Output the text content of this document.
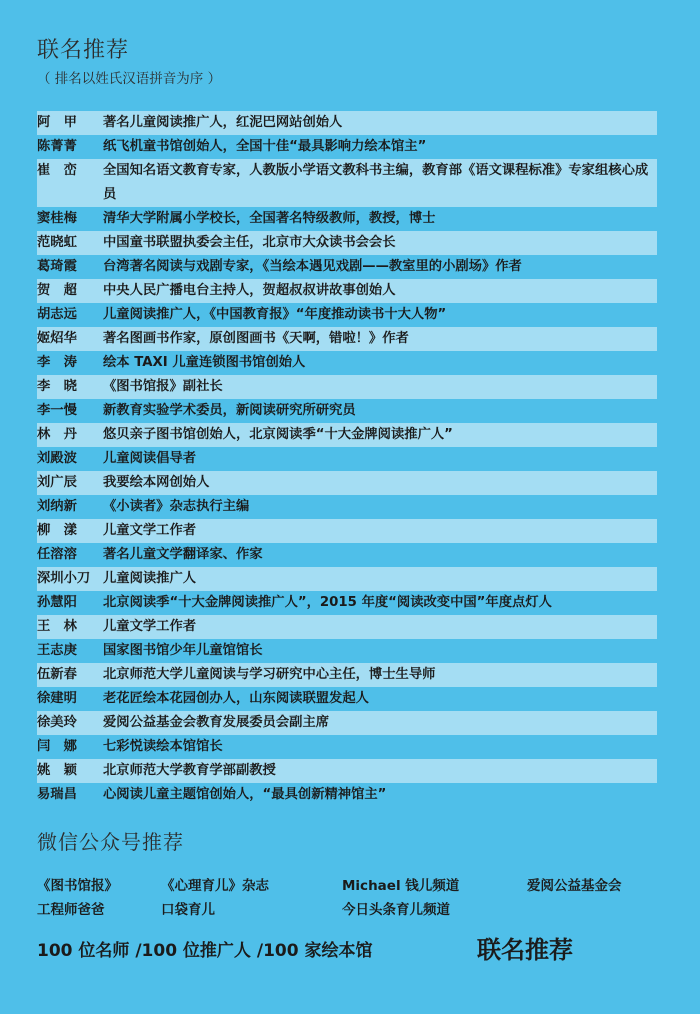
联名推荐
（ 排名以姓氏汉语拼音为序 ）
阿　甲	著名儿童阅读推广人，红泥巴网站创始人
陈菁菁	纸飞机童书馆创始人，全国十佳“最具影响力绘本馆主”
崔　峦	全国知名语文教育专家，人教版小学语文教科书主编，教育部《语文课程标准》专家组核心成员
窦桂梅	清华大学附属小学校长，全国著名特级教师，教授，博士
范晓虹	中国童书联盟执委会主任，北京市大众读书会会长
葛琦霞	台湾著名阅读与戏剧专家，《当绘本遇见戏剧——教室里的小剧场》作者
贺　超	中央人民广播电台主持人，贺超叔叔讲故事创始人
胡志远	儿童阅读推广人，《中国教育报》“年度推动读书十大人物”
姬炤华	著名图画书作家，原创图画书《天啊，错啦！》作者
李　涛	绘本 TAXI 儿童连锁图书馆创始人
李　晓	《图书馆报》副社长
李一慢	新教育实验学术委员，新阅读研究所研究员
林　丹	悠贝亲子图书馆创始人，北京阅读季“十大金牌阅读推广人”
刘殿波	儿童阅读倡导者
刘广辰	我要绘本网创始人
刘纳新	《小读者》杂志执行主编
柳　漾	儿童文学工作者
任溶溶	著名儿童文学翻译家、作家
深圳小刀 儿童阅读推广人
孙慧阳	北京阅读季“十大金牌阅读推广人”，2015 年度“阅读改变中国”年度点灯人
王　林	儿童文学工作者
王志庚	国家图书馆少年儿童馆馆长
伍新春	北京师范大学儿童阅读与学习研究中心主任，博士生导师
徐建明	老花匠绘本花园创办人，山东阅读联盟发起人
徐美玲	爱阅公益基金会教育发展委员会副主席
闫　娜	七彩悦读绘本馆馆长
姚　颖	北京师范大学教育学部副教授
易瑞昌	心阅读儿童主题馆创始人，“最具创新精神馆主”
微信公众号推荐
《图书馆报》	《心理育儿》杂志	Michael 钱儿频道	爱阅公益基金会
工程师爸爸	口袋育儿	今日头条育儿频道
100 位名师 /100 位推广人 /100 家绘本馆	联名推荐
